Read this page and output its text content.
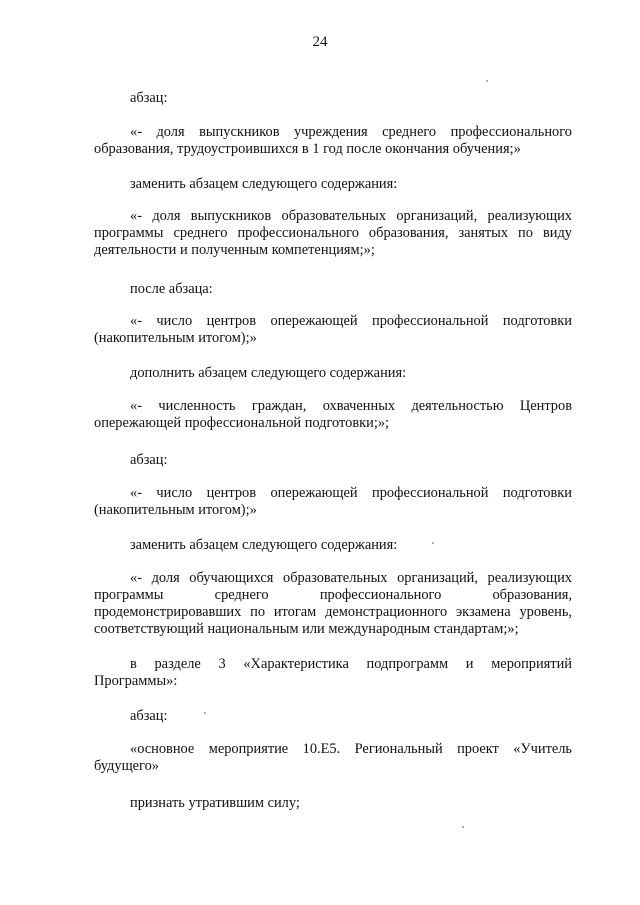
24

абзац:

«- доля выпускников учреждения среднего профессионального образования, трудоустроившихся в 1 год после окончания обучения;»

заменить абзацем следующего содержания:

«- доля выпускников образовательных организаций, реализующих программы среднего профессионального образования, занятых по виду деятельности и полученным компетенциям;»;

после абзаца:

«- число центров опережающей профессиональной подготовки (накопительным итогом);»

дополнить абзацем следующего содержания:

«- численность граждан, охваченных деятельностью Центров опережающей профессиональной подготовки;»;

абзац:

«- число центров опережающей профессиональной подготовки (накопительным итогом);»

заменить абзацем следующего содержания:

«- доля обучающихся образовательных организаций, реализующих программы среднего профессионального образования, продемонстрировавших по итогам демонстрационного экзамена уровень, соответствующий национальным или международным стандартам;»;

в разделе 3 «Характеристика подпрограмм и мероприятий Программы»:

абзац:

«основное мероприятие 10.Е5. Региональный проект «Учитель будущего»

признать утратившим силу;
